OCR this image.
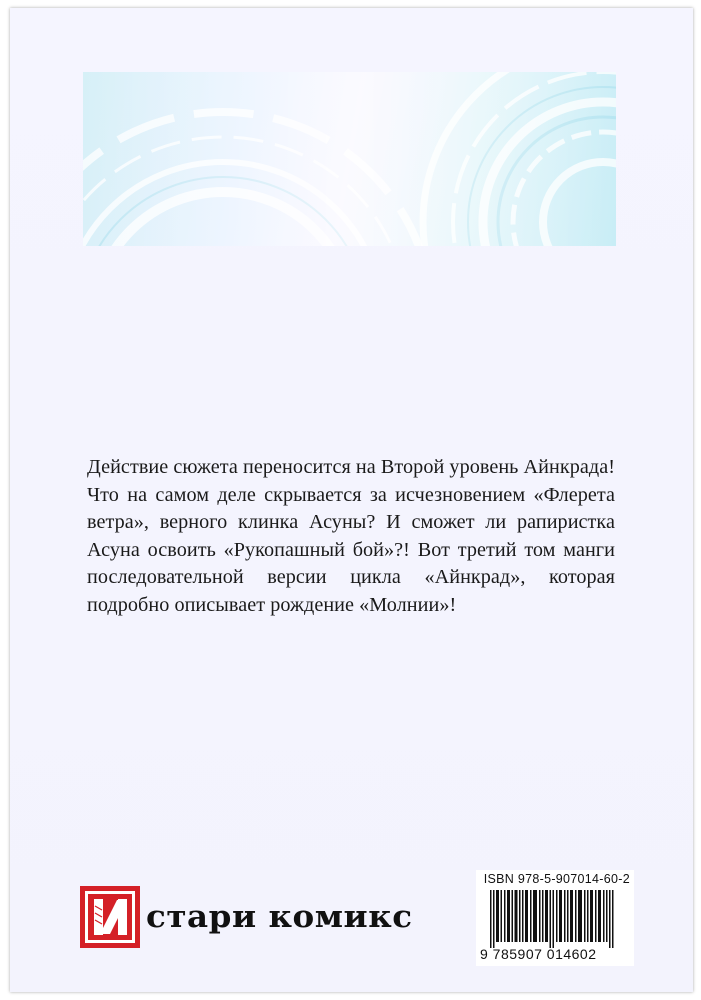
Действие сюжета переносится на Второй уровень Айнкрада! Что на самом деле скрывается за исчезновением «Флерета ветра», верного клинка Асуны? И сможет ли рапиристка Асуна освоить «Рукопашный бой»?! Вот третий том манги последовательной версии цикла «Айнкрад», которая подробно описывает рождение «Молнии»!

стари комикс
ISBN 978-5-907014-60-2
9 785907 014602
